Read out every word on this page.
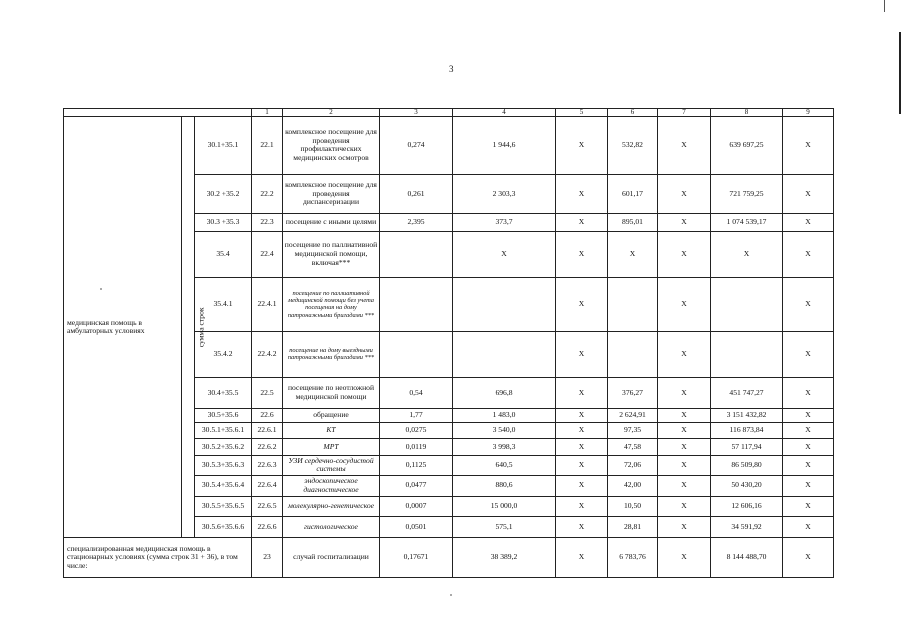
3
			1	2	3	4	5	6	7	8	9
медицинская помощь в амбулаторных условиях	сумма строк	30.1+35.1	22.1	комплексное посещение для проведения профилактических медицинских осмотров	0,274	1 944,6	X	532,82	X	639 697,25	X
		30.2 +35.2	22.2	комплексное посещение для проведения диспансеризации	0,261	2 303,3	X	601,17	X	721 759,25	X
		30.3 +35.3	22.3	посещение с иными целями	2,395	373,7	X	895,01	X	1 074 539,17	X
		35.4	22.4	посещение по паллиативной медицинской помощи, включая***		X	X	X	X	X	X
		35.4.1	22.4.1	посещение по паллиативной медицинской помощи без учета посещения на дому патронажными бригадами ***			X		X		X
		35.4.2	22.4.2	посещение на дому выездными патронажными бригадами ***			X		X		X
		30.4+35.5	22.5	посещение по неотложной медицинской помощи	0,54	696,8	X	376,27	X	451 747,27	X
		30.5+35.6	22.6	обращение	1,77	1 483,0	X	2 624,91	X	3 151 432,82	X
		30.5.1+35.6.1	22.6.1	КТ	0,0275	3 540,0	X	97,35	X	116 873,84	X
		30.5.2+35.6.2	22.6.2	МРТ	0,0119	3 998,3	X	47,58	X	57 117,94	X
		30.5.3+35.6.3	22.6.3	УЗИ сердечно-сосудистой системы	0,1125	640,5	X	72,06	X	86 509,80	X
		30.5.4+35.6.4	22.6.4	эндоскопическое диагностическое	0,0477	880,6	X	42,00	X	50 430,20	X
		30.5.5+35.6.5	22.6.5	молекулярно-генетическое	0,0007	15 000,0	X	10,50	X	12 606,16	X
		30.5.6+35.6.6	22.6.6	гистологическое	0,0501	575,1	X	28,81	X	34 591,92	X
специализированная медицинская помощь в стационарных условиях (сумма строк 31 + 36), в том числе:			23	случай госпитализации	0,17671	38 389,2	X	6 783,76	X	8 144 488,70	X
